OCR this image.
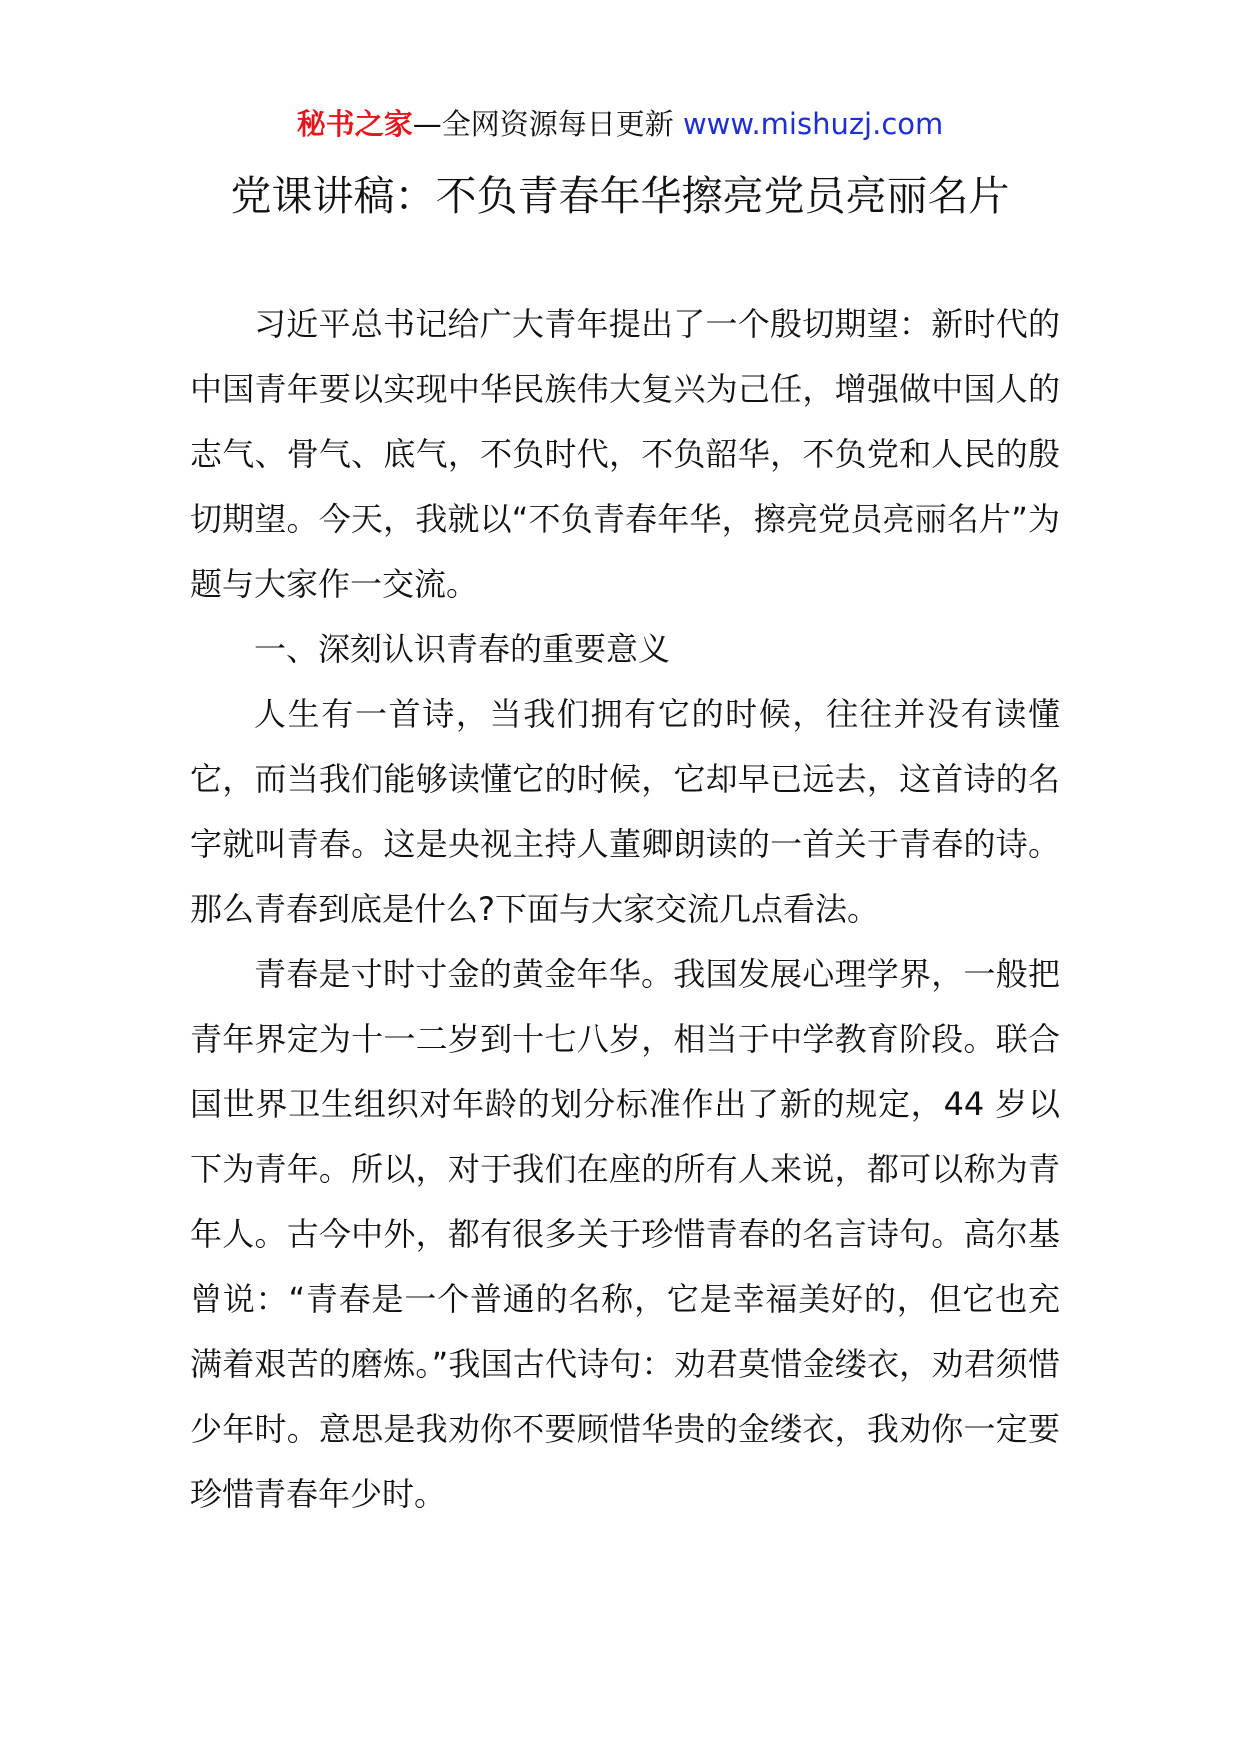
秘书之家—全网资源每日更新 www.mishuzj.com
党课讲稿：不负青春年华擦亮党员亮丽名片

习近平总书记给广大青年提出了一个殷切期望：新时代的中国青年要以实现中华民族伟大复兴为己任，增强做中国人的志气、骨气、底气，不负时代，不负韶华，不负党和人民的殷切期望。今天，我就以“不负青春年华，擦亮党员亮丽名片”为题与大家作一交流。

一、深刻认识青春的重要意义

人生有一首诗，当我们拥有它的时候，往往并没有读懂它，而当我们能够读懂它的时候，它却早已远去，这首诗的名字就叫青春。这是央视主持人董卿朗读的一首关于青春的诗。那么青春到底是什么?下面与大家交流几点看法。

青春是寸时寸金的黄金年华。我国发展心理学界，一般把青年界定为十一二岁到十七八岁，相当于中学教育阶段。联合国世界卫生组织对年龄的划分标准作出了新的规定，44 岁以下为青年。所以，对于我们在座的所有人来说，都可以称为青年人。古今中外，都有很多关于珍惜青春的名言诗句。高尔基曾说：“青春是一个普通的名称，它是幸福美好的，但它也充满着艰苦的磨炼。”我国古代诗句：劝君莫惜金缕衣，劝君须惜少年时。意思是我劝你不要顾惜华贵的金缕衣，我劝你一定要珍惜青春年少时。
